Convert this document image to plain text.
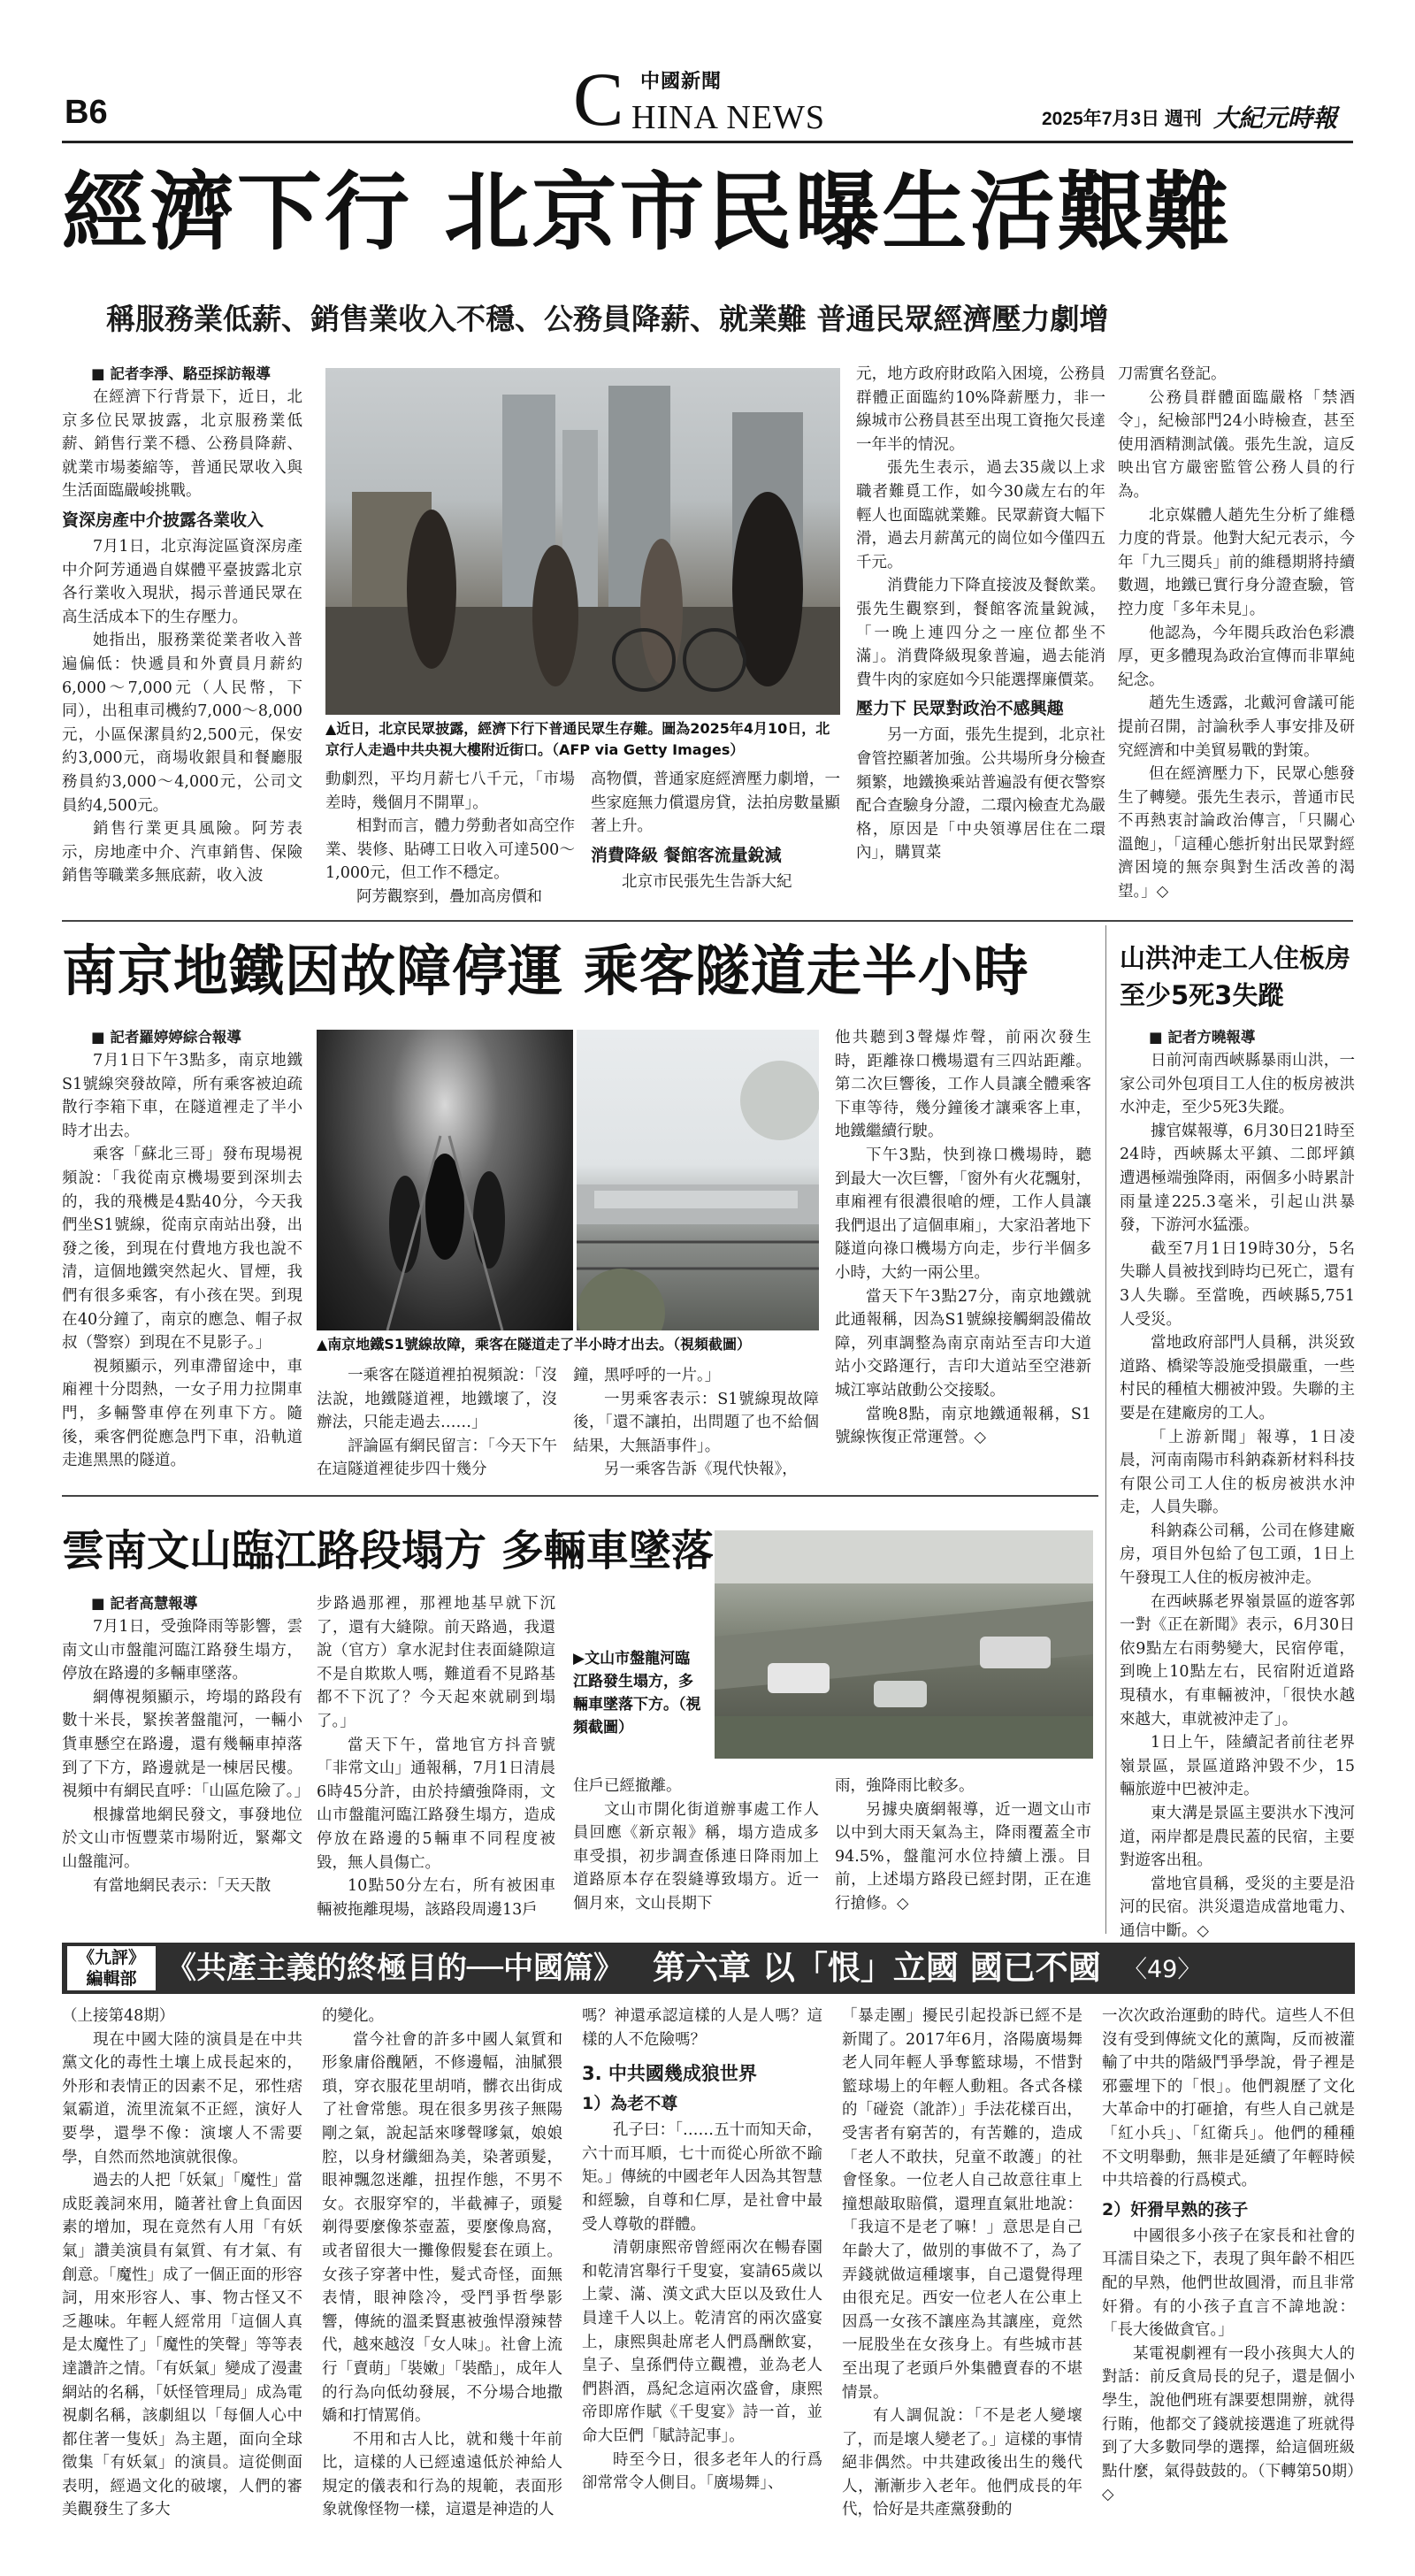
B6
中國新聞
C HINA NEWS	2025年7月3日 週刊 大紀元時報
經濟下行 北京市民曝生活艱難
稱服務業低薪、銷售業收入不穩、公務員降薪、就業難 普通民眾經濟壓力劇增

■ 記者李淨、駱亞採訪報導

在經濟下行背景下，近日，北京多位民眾披露，北京服務業低薪、銷售行業不穩、公務員降薪、就業市場萎縮等，普通民眾收入與生活面臨嚴峻挑戰。

資深房產中介披露各業收入

7月1日，北京海淀區資深房產中介阿芳通過自媒體平臺披露北京各行業收入現狀，揭示普通民眾在高生活成本下的生存壓力。

她指出，服務業從業者收入普遍偏低：快遞員和外賣員月薪約6,000～7,000元（人民幣，下同），出租車司機約7,000～8,000元，小區保潔員約2,500元，保安約3,000元，商場收銀員和餐廳服務員約3,000～4,000元，公司文員約4,500元。

銷售行業更具風險。阿芳表示，房地產中介、汽車銷售、保險銷售等職業多無底薪，收入波

▲近日，北京民眾披露，經濟下行下普通民眾生存難。圖為2025年4月10日，北京行人走過中共央視大樓附近街口。（AFP via Getty Images）

動劇烈，平均月薪七八千元，「市場差時，幾個月不開單」。

相對而言，體力勞動者如高空作業、裝修、貼磚工日收入可達500～1,000元，但工作不穩定。

阿芳觀察到，疊加高房價和

高物價，普通家庭經濟壓力劇增，一些家庭無力償還房貸，法拍房數量顯著上升。

消費降級 餐館客流量銳減

北京市民張先生告訴大紀

元，地方政府財政陷入困境，公務員群體正面臨約10%降薪壓力，非一線城市公務員甚至出現工資拖欠長達一年半的情況。

張先生表示，過去35歲以上求職者難覓工作，如今30歲左右的年輕人也面臨就業難。民眾薪資大幅下滑，過去月薪萬元的崗位如今僅四五千元。

消費能力下降直接波及餐飲業。張先生觀察到，餐館客流量銳減，「一晚上連四分之一座位都坐不滿」。消費降級現象普遍，過去能消費牛肉的家庭如今只能選擇廉價菜。

壓力下 民眾對政治不感興趣

另一方面，張先生提到，北京社會管控顯著加強。公共場所身分檢查頻繁，地鐵換乘站普遍設有便衣警察配合查驗身分證，二環內檢查尤為嚴格，原因是「中央領導居住在二環內」，購買菜

刀需實名登記。

公務員群體面臨嚴格「禁酒令」，紀檢部門24小時檢查，甚至使用酒精測試儀。張先生說，這反映出官方嚴密監管公務人員的行為。

北京媒體人趙先生分析了維穩力度的背景。他對大紀元表示，今年「九三閱兵」前的維穩期將持續數週，地鐵已實行身分證查驗，管控力度「多年未見」。

他認為，今年閱兵政治色彩濃厚，更多體現為政治宣傳而非單純紀念。

趙先生透露，北戴河會議可能提前召開，討論秋季人事安排及研究經濟和中美貿易戰的對策。

但在經濟壓力下，民眾心態發生了轉變。張先生表示，普通市民不再熱衷討論政治傳言，「只關心溫飽」，「這種心態折射出民眾對經濟困境的無奈與對生活改善的渴望。」◇

南京地鐵因故障停運 乘客隧道走半小時

■ 記者羅婷婷綜合報導

7月1日下午3點多，南京地鐵S1號線突發故障，所有乘客被迫疏散行李箱下車，在隧道裡走了半小時才出去。

乘客「蘇北三哥」發布現場視頻說：「我從南京機場要到深圳去的，我的飛機是4點40分，今天我們坐S1號線，從南京南站出發，出發之後，到現在付費地方我也說不清，這個地鐵突然起火、冒煙，我們有很多乘客，有小孩在哭。到現在40分鐘了，南京的應急、帽子叔叔（警察）到現在不見影子。」

視頻顯示，列車滯留途中，車廂裡十分悶熱，一女子用力拉開車門，多輛警車停在列車下方。隨後，乘客們從應急門下車，沿軌道走進黑黑的隧道。

▲南京地鐵S1號線故障，乘客在隧道走了半小時才出去。（視頻截圖）

一乘客在隧道裡拍視頻說：「沒法說，地鐵隧道裡，地鐵壞了，沒辦法，只能走過去……」

評論區有網民留言：「今天下午在這隧道裡徒步四十幾分

鐘，黑呼呼的一片。」

一男乘客表示：S1號線現故障後，「還不讓拍，出問題了也不給個結果，大無語事件」。

另一乘客告訴《現代快報》，

他共聽到3聲爆炸聲，前兩次發生時，距離祿口機場還有三四站距離。第二次巨響後，工作人員讓全體乘客下車等待，幾分鐘後才讓乘客上車，地鐵繼續行駛。

下午3點，快到祿口機場時，聽到最大一次巨響，「窗外有火花飄射，車廂裡有很濃很嗆的煙，工作人員讓我們退出了這個車廂」，大家沿著地下隧道向祿口機場方向走，步行半個多小時，大約一兩公里。

當天下午3點27分，南京地鐵就此通報稱，因為S1號線接觸網設備故障，列車調整為南京南站至吉印大道站小交路運行，吉印大道站至空港新城江寧站啟動公交接駁。

當晚8點，南京地鐵通報稱，S1號線恢復正常運營。◇

山洪沖走工人住板房
至少5死3失蹤

■ 記者方曉報導

日前河南西峽縣暴雨山洪，一家公司外包項目工人住的板房被洪水沖走，至少5死3失蹤。

據官媒報導，6月30日21時至24時，西峽縣太平鎮、二郎坪鎮遭遇極端強降雨，兩個多小時累計雨量達225.3毫米，引起山洪暴發，下游河水猛漲。

截至7月1日19時30分，5名失聯人員被找到時均已死亡，還有3人失聯。至當晚，西峽縣5,751人受災。

當地政府部門人員稱，洪災致道路、橋梁等設施受損嚴重，一些村民的種植大棚被沖毀。失聯的主要是在建廠房的工人。

「上游新聞」報導，1日凌晨，河南南陽市科鈉森新材料科技有限公司工人住的板房被洪水沖走，人員失聯。

科鈉森公司稱，公司在修建廠房，項目外包給了包工頭，1日上午發現工人住的板房被沖走。

在西峽縣老界嶺景區的遊客郭一對《正在新聞》表示，6月30日依9點左右雨勢變大，民宿停電，到晚上10點左右，民宿附近道路現積水，有車輛被沖，「很快水越來越大，車就被沖走了」。

1日上午，陸續記者前往老界嶺景區，景區道路沖毀不少，15輛旅遊中巴被沖走。

東大溝是景區主要洪水下洩河道，兩岸都是農民蓋的民宿，主要對遊客出租。

當地官員稱，受災的主要是沿河的民宿。洪災還造成當地電力、通信中斷。◇

雲南文山臨江路段塌方 多輛車墜落

■ 記者高慧報導

7月1日，受強降雨等影響，雲南文山市盤龍河臨江路發生塌方，停放在路邊的多輛車墜落。

網傳視頻顯示，垮塌的路段有數十米長，緊挨著盤龍河，一輛小貨車懸空在路邊，還有幾輛車掉落到了下方，路邊就是一棟居民樓。視頻中有網民直呼：「山區危險了。」

根據當地網民發文，事發地位於文山市恆豐菜市場附近，緊鄰文山盤龍河。

有當地網民表示：「天天散

步路過那裡，那裡地基早就下沉了，還有大縫隙。前天路過，我還說（官方）拿水泥封住表面縫隙這不是自欺欺人嗎，難道看不見路基都不下沉了？今天起來就刷到塌了。」

當天下午，當地官方抖音號「非常文山」通報稱，7月1日清晨6時45分許，由於持續強降雨，文山市盤龍河臨江路發生塌方，造成停放在路邊的5輛車不同程度被毀，無人員傷亡。

10點50分左右，所有被困車輛被拖離現場，該路段周邊13戶

▶文山市盤龍河臨江路發生塌方，多輛車墜落下方。（視頻截圖）

住戶已經撤離。

文山市開化街道辦事處工作人員回應《新京報》稱，塌方造成多車受損，初步調查係連日降雨加上道路原本存在裂縫導致塌方。近一個月來，文山長期下

雨，強降雨比較多。

另據央廣網報導，近一週文山市以中到大雨天氣為主，降雨覆蓋全市94.5%，盤龍河水位持續上漲。目前，上述塌方路段已經封閉，正在進行搶修。◇

《九評》
編輯部 《共產主義的終極目的──中國篇》 第六章 以「恨」立國 國已不國 〈49〉

（上接第48期）

現在中國大陸的演員是在中共黨文化的毒性土壤上成長起來的，外形和表情正的因素不足，邪性痞氣霸道，流里流氣不正經，演好人要學，還學不像：演壞人不需要學，自然而然地演就很像。

過去的人把「妖氣」「魔性」當成貶義詞來用，隨著社會上負面因素的增加，現在竟然有人用「有妖氣」讚美演員有氣質、有才氣、有創意。「魔性」成了一個正面的形容詞，用來形容人、事、物古怪又不乏趣味。年輕人經常用「這個人真是太魔性了」「魔性的笑聲」等等表達讚許之情。「有妖氣」變成了漫畫網站的名稱，「妖怪管理局」成為電視劇名稱，該劇組以「每個人心中都住著一隻妖」為主題，面向全球徵集「有妖氣」的演員。這從側面表明，經過文化的破壞，人們的審美觀發生了多大

的變化。

當今社會的許多中國人氣質和形象庸俗醜陋，不修邊幅，油膩猥瑣，穿衣服花里胡哨，髒衣出街成了社會常態。現在很多男孩子無陽剛之氣，說起話來嗲聲嗲氣，娘娘腔，以身材纖細為美，染著頭髮，眼神飄忽迷離，扭捏作態，不男不女。衣服穿窄的，半截褲子，頭髮剃得要麼像茶壺蓋，要麼像鳥窩，或者留很大一攤像假髮套在頭上。女孩子穿著中性，髮式奇怪，面無表情，眼神陰冷，受鬥爭哲學影響，傳統的溫柔賢惠被強悍潑辣替代，越來越沒「女人味」。社會上流行「賣萌」「裝嫩」「裝酷」，成年人的行為向低幼發展，不分場合地撒嬌和打情罵俏。

不用和古人比，就和幾十年前比，這樣的人已經遠遠低於神給人規定的儀表和行為的規範，表面形象就像怪物一樣，這還是神造的人

嗎？神還承認這樣的人是人嗎？這樣的人不危險嗎？

3. 中共國幾成狼世界
1）為老不尊

孔子曰：「……五十而知天命，六十而耳順，七十而從心所欲不踰矩。」傳統的中國老年人因為其智慧和經驗，自尊和仁厚，是社會中最受人尊敬的群體。

清朝康熙帝曾經兩次在暢春園和乾清宮舉行千叟宴，宴請65歲以上蒙、滿、漢文武大臣以及致仕人員達千人以上。乾清宮的兩次盛宴上，康熙與赴席老人們爲酬飲宴，皇子、皇孫們侍立觀禮，並為老人們斟酒，爲紀念這兩次盛會，康熙帝即席作賦《千叟宴》詩一首，並命大臣們「賦詩記事」。

時至今日，很多老年人的行爲卻常常令人側目。「廣場舞」、

「暴走團」擾民引起投訴已經不是新聞了。2017年6月，洛陽廣場舞老人同年輕人爭奪籃球場，不惜對籃球場上的年輕人動粗。各式各樣的「碰瓷（訛詐）」手法花樣百出，受害者有窮苦的，有苦難的，造成「老人不敢扶，兒童不敢護」的社會怪象。一位老人自己故意往車上撞想敲取賠償，還理直氣壯地說：「我這不是老了嘛！」意思是自己年齡大了，做別的事做不了，為了弄錢就做這種壞事，自己還覺得理由很充足。西安一位老人在公車上因爲一女孩不讓座為其讓座，竟然一屁股坐在女孩身上。有些城市甚至出現了老頭戶外集體賣春的不堪情景。

有人調侃說：「不是老人變壞了，而是壞人變老了。」這樣的事情絕非偶然。中共建政後出生的幾代人，漸漸步入老年。他們成長的年代，恰好是共產黨發動的

一次次政治運動的時代。這些人不但沒有受到傳統文化的薰陶，反而被灌輸了中共的階級鬥爭學說，骨子裡是邪靈埋下的「恨」。他們親歷了文化大革命中的打砸搶，有些人自己就是「紅小兵」、「紅衛兵」。他們的種種不文明舉動，無非是延續了年輕時候中共培養的行爲模式。

2）奸猾早熟的孩子

中國很多小孩子在家長和社會的耳濡目染之下，表現了與年齡不相匹配的早熟，他們世故圓滑，而且非常奸猾。有的小孩子直言不諱地說：「長大後做貪官。」

某電視劇裡有一段小孩與大人的對話：前反貪局長的兒子，還是個小學生，說他們班有課要想開辦，就得行賄，他都交了錢就接選進了班就得到了大多數同學的選擇，給這個班級點什麼，氣得鼓鼓的。（下轉第50期）◇
